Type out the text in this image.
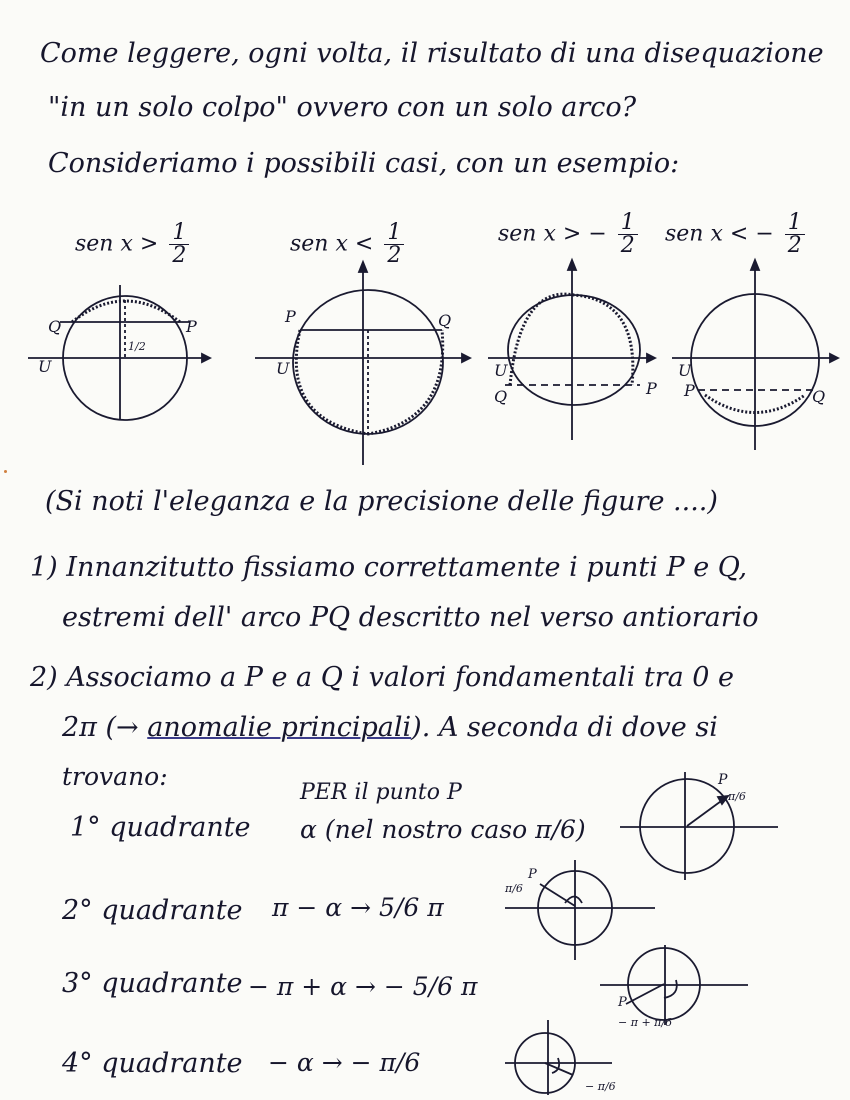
Come leggere, ogni volta, il risultato di una disequazione
"in un solo colpo" ovvero con un solo arco?
Consideriamo i possibili casi, con un esempio:
sen $x > \frac{1}{2}$	sen $x < \frac{1}{2}$	sen x > − $\frac{1}{2}$ sen x < − $\frac{1}{2}$
Q	P
U
1/2
P	Q
U
Q	P
U
P	Q
U
P
π/6
P
π/6
P
− π + π/6
− π/6
(Si noti l'eleganza e la precisione delle figure ....)
1) Innanzitutto fissiamo correttamente i punti P e Q,
estremi dell' arco PQ descritto nel verso antiorario
2) Associamo a P e a Q i valori fondamentali tra 0 e
2π (→ anomalie principali). A seconda di dove si
trovano:
PER il punto P
1° quadrante α (nel nostro caso π/6)
2° quadrante π − α → 5/6 π
3° quadrante − π + α → − 5/6 π
4° quadrante − α → − π/6
